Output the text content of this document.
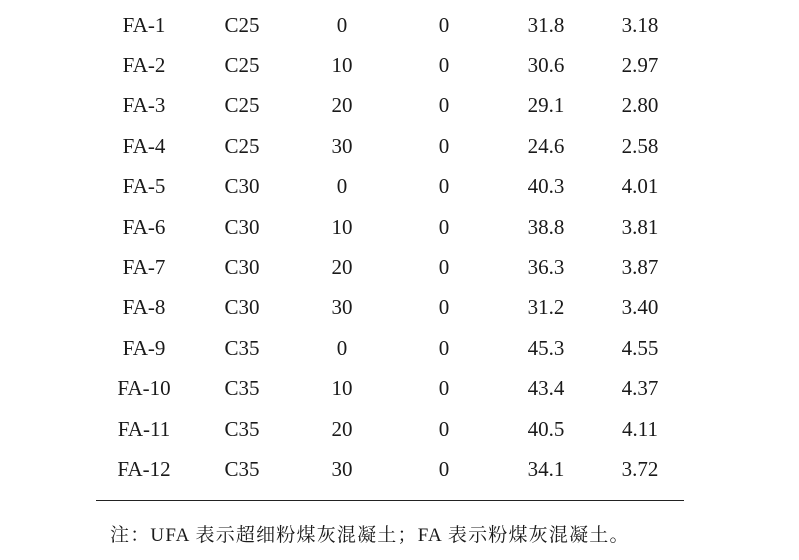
FA-1	C25	0	0	31.8	3.18
FA-2	C25	10	0	30.6	2.97
FA-3	C25	20	0	29.1	2.80
FA-4	C25	30	0	24.6	2.58
FA-5	C30	0	0	40.3	4.01
FA-6	C30	10	0	38.8	3.81
FA-7	C30	20	0	36.3	3.87
FA-8	C30	30	0	31.2	3.40
FA-9	C35	0	0	45.3	4.55
FA-10	C35	10	0	43.4	4.37
FA-11	C35	20	0	40.5	4.11
FA-12	C35	30	0	34.1	3.72
注：UFA 表示超细粉煤灰混凝土；FA 表示粉煤灰混凝土。
